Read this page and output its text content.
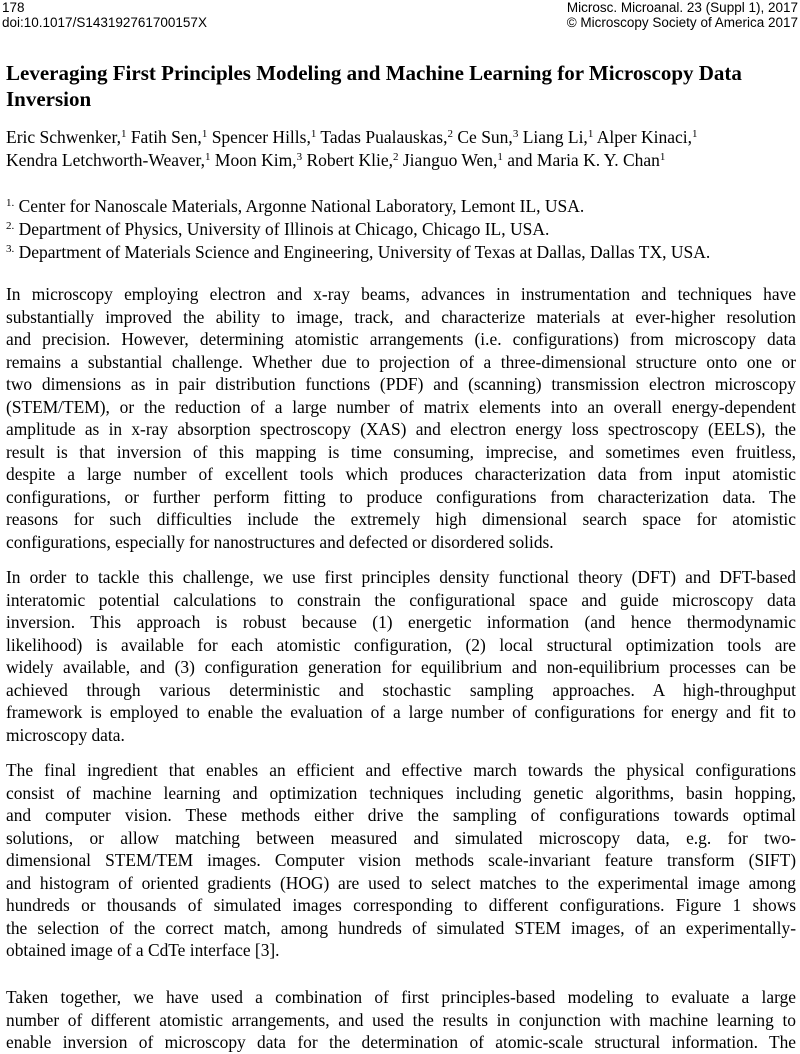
178
doi:10.1017/S143192761700157X
Microsc. Microanal. 23 (Suppl 1), 2017
© Microscopy Society of America 2017
Leveraging First Principles Modeling and Machine Learning for Microscopy Data
Inversion
Eric Schwenker,$^1$ Fatih Sen,$^1$ Spencer Hills,$^1$ Tadas Pualauskas,$^2$ Ce Sun,$^3$ Liang Li,$^1$ Alper Kinaci,$^1$
Kendra Letchworth-Weaver,$^1$ Moon Kim,$^3$ Robert Klie,$^2$ Jianguo Wen,$^1$ and Maria K. Y. Chan$^1$
$^{1.}$ Center for Nanoscale Materials, Argonne National Laboratory, Lemont IL, USA.
$^{2.}$ Department of Physics, University of Illinois at Chicago, Chicago IL, USA.
$^{3.}$ Department of Materials Science and Engineering, University of Texas at Dallas, Dallas TX, USA.
In microscopy employing electron and x-ray beams, advances in instrumentation and techniques have
substantially improved the ability to image, track, and characterize materials at ever-higher resolution
and precision. However, determining atomistic arrangements (i.e. configurations) from microscopy data
remains a substantial challenge. Whether due to projection of a three-dimensional structure onto one or
two dimensions as in pair distribution functions (PDF) and (scanning) transmission electron microscopy
(STEM/TEM), or the reduction of a large number of matrix elements into an overall energy-dependent
amplitude as in x-ray absorption spectroscopy (XAS) and electron energy loss spectroscopy (EELS), the
result is that inversion of this mapping is time consuming, imprecise, and sometimes even fruitless,
despite a large number of excellent tools which produces characterization data from input atomistic
configurations, or further perform fitting to produce configurations from characterization data. The
reasons for such difficulties include the extremely high dimensional search space for atomistic
configurations, especially for nanostructures and defected or disordered solids.
In order to tackle this challenge, we use first principles density functional theory (DFT) and DFT-based
interatomic potential calculations to constrain the configurational space and guide microscopy data
inversion. This approach is robust because (1) energetic information (and hence thermodynamic
likelihood) is available for each atomistic configuration, (2) local structural optimization tools are
widely available, and (3) configuration generation for equilibrium and non-equilibrium processes can be
achieved through various deterministic and stochastic sampling approaches. A high-throughput
framework is employed to enable the evaluation of a large number of configurations for energy and fit to
microscopy data.
The final ingredient that enables an efficient and effective march towards the physical configurations
consist of machine learning and optimization techniques including genetic algorithms, basin hopping,
and computer vision. These methods either drive the sampling of configurations towards optimal
solutions, or allow matching between measured and simulated microscopy data, e.g. for two-
dimensional STEM/TEM images. Computer vision methods scale-invariant feature transform (SIFT)
and histogram of oriented gradients (HOG) are used to select matches to the experimental image among
hundreds or thousands of simulated images corresponding to different configurations. Figure 1 shows
the selection of the correct match, among hundreds of simulated STEM images, of an experimentally-
obtained image of a CdTe interface [3].
Taken together, we have used a combination of first principles-based modeling to evaluate a large
number of different atomistic arrangements, and used the results in conjunction with machine learning to
enable inversion of microscopy data for the determination of atomic-scale structural information. The
